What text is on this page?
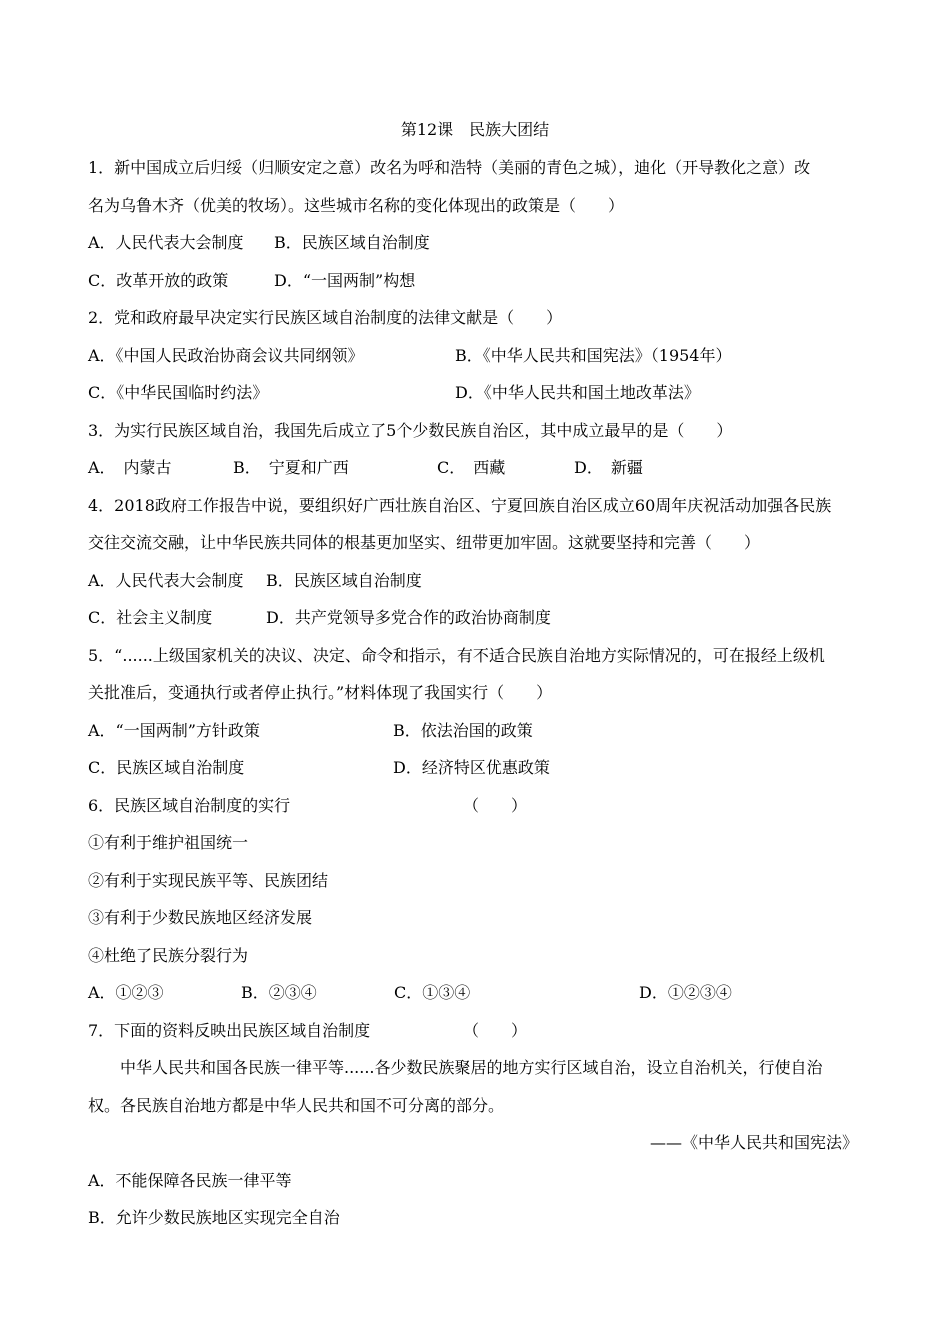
第12课　民族大团结
1．新中国成立后归绥（归顺安定之意）改名为呼和浩特（美丽的青色之城），迪化（开导教化之意）改
名为乌鲁木齐（优美的牧场）。这些城市名称的变化体现出的政策是（　　）
A．人民代表大会制度 B．民族区域自治制度
C．改革开放的政策	D．“一国两制”构想
2．党和政府最早决定实行民族区域自治制度的法律文献是（　　）
A．《中国人民政治协商会议共同纲领》	B．《中华人民共和国宪法》（1954年）
C．《中华民国临时约法》	D．《中华人民共和国土地改革法》
3．为实行民族区域自治，我国先后成立了5个少数民族自治区，其中成立最早的是（　　）
A．　内蒙古	B．　宁夏和广西	C．　西藏	D．　新疆
4．2018政府工作报告中说，要组织好广西壮族自治区、宁夏回族自治区成立60周年庆祝活动加强各民族
交往交流交融，让中华民族共同体的根基更加坚实、纽带更加牢固。这就要坚持和完善（　　）
A．人民代表大会制度 B．民族区域自治制度
C．社会主义制度	D．共产党领导多党合作的政治协商制度
5．“......上级国家机关的决议、决定、命令和指示，有不适合民族自治地方实际情况的，可在报经上级机
关批准后，变通执行或者停止执行。”材料体现了我国实行（　　）
A．“一国两制”方针政策	B．依法治国的政策
C．民族区域自治制度	D．经济特区优惠政策
6．民族区域自治制度的实行	（　　）
①有利于维护祖国统一
②有利于实现民族平等、民族团结
③有利于少数民族地区经济发展
④杜绝了民族分裂行为
A．①②③	B．②③④	C．①③④	D．①②③④
7．下面的资料反映出民族区域自治制度	（　　）
中华人民共和国各民族一律平等......各少数民族聚居的地方实行区域自治，设立自治机关，行使自治
权。各民族自治地方都是中华人民共和国不可分离的部分。
——《中华人民共和国宪法》
A．不能保障各民族一律平等
B．允许少数民族地区实现完全自治
